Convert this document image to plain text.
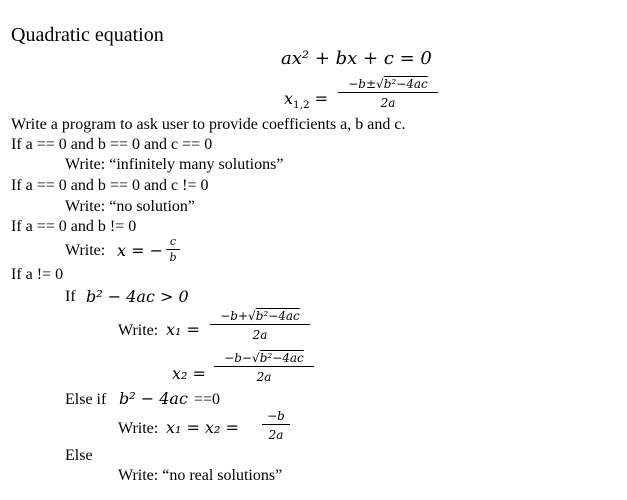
Quadratic equation
ax² + bx + c = 0
$x_{1,2}$ =
−b±√b²−4ac
2a
Write a program to ask user to provide coefficients a, b and c.
If a == 0 and b == 0 and c == 0
Write: “infinitely many solutions”
If a == 0 and b == 0 and c != 0
Write: “no solution”
If a == 0 and b != 0
Write: x = − c
b
If a != 0
If b² − 4ac > 0
Write: x₁ =
−b+√b²−4ac
2a
x₂ =
−b−√b²−4ac
2a
Else if b² − 4ac ==0
Write: x₁ = x₂ =
−b
2a
Else
Write: “no real solutions”
